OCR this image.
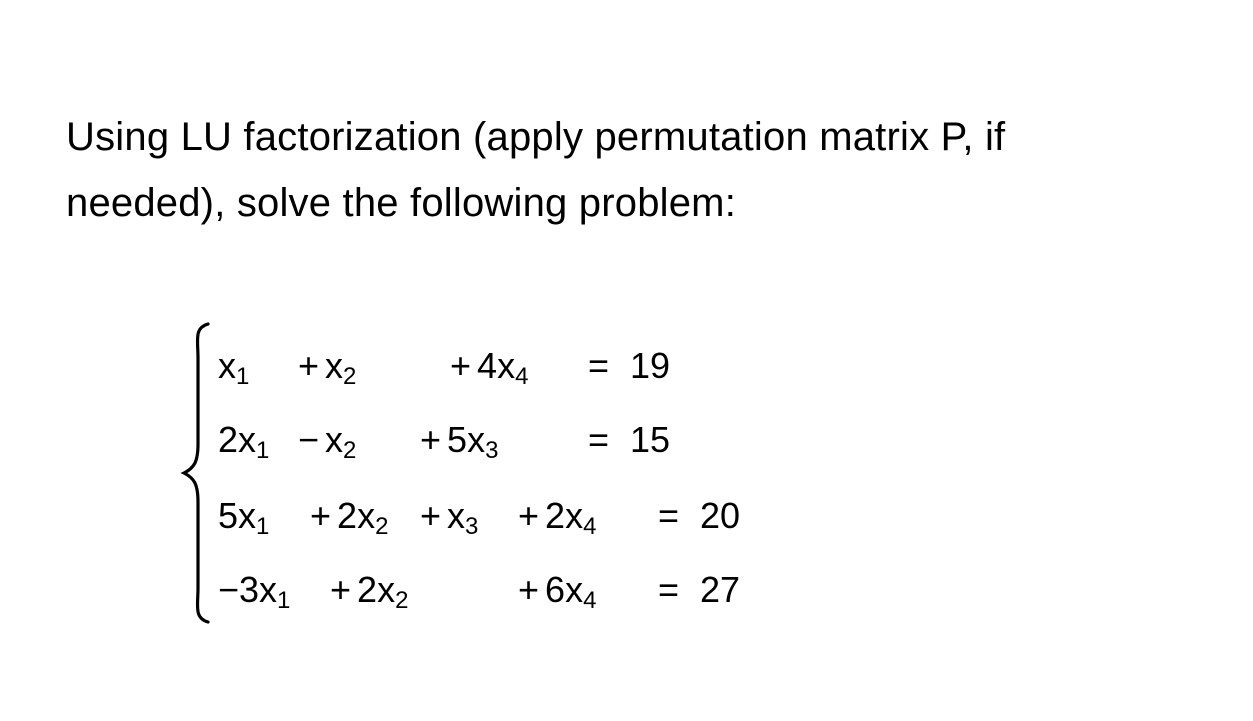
Using LU factorization (apply permutation matrix P, if
needed), solve the following problem:
$x_1 + x_2$	+ $4x_4 = 19$
$2x_1 - x_2 + 5x_3 = 15$
$5x_1 + 2x_2 + x_3 + 2x_4 = 20$
$-3x_1 + 2x_2$	+ $6x_4 = 27$
